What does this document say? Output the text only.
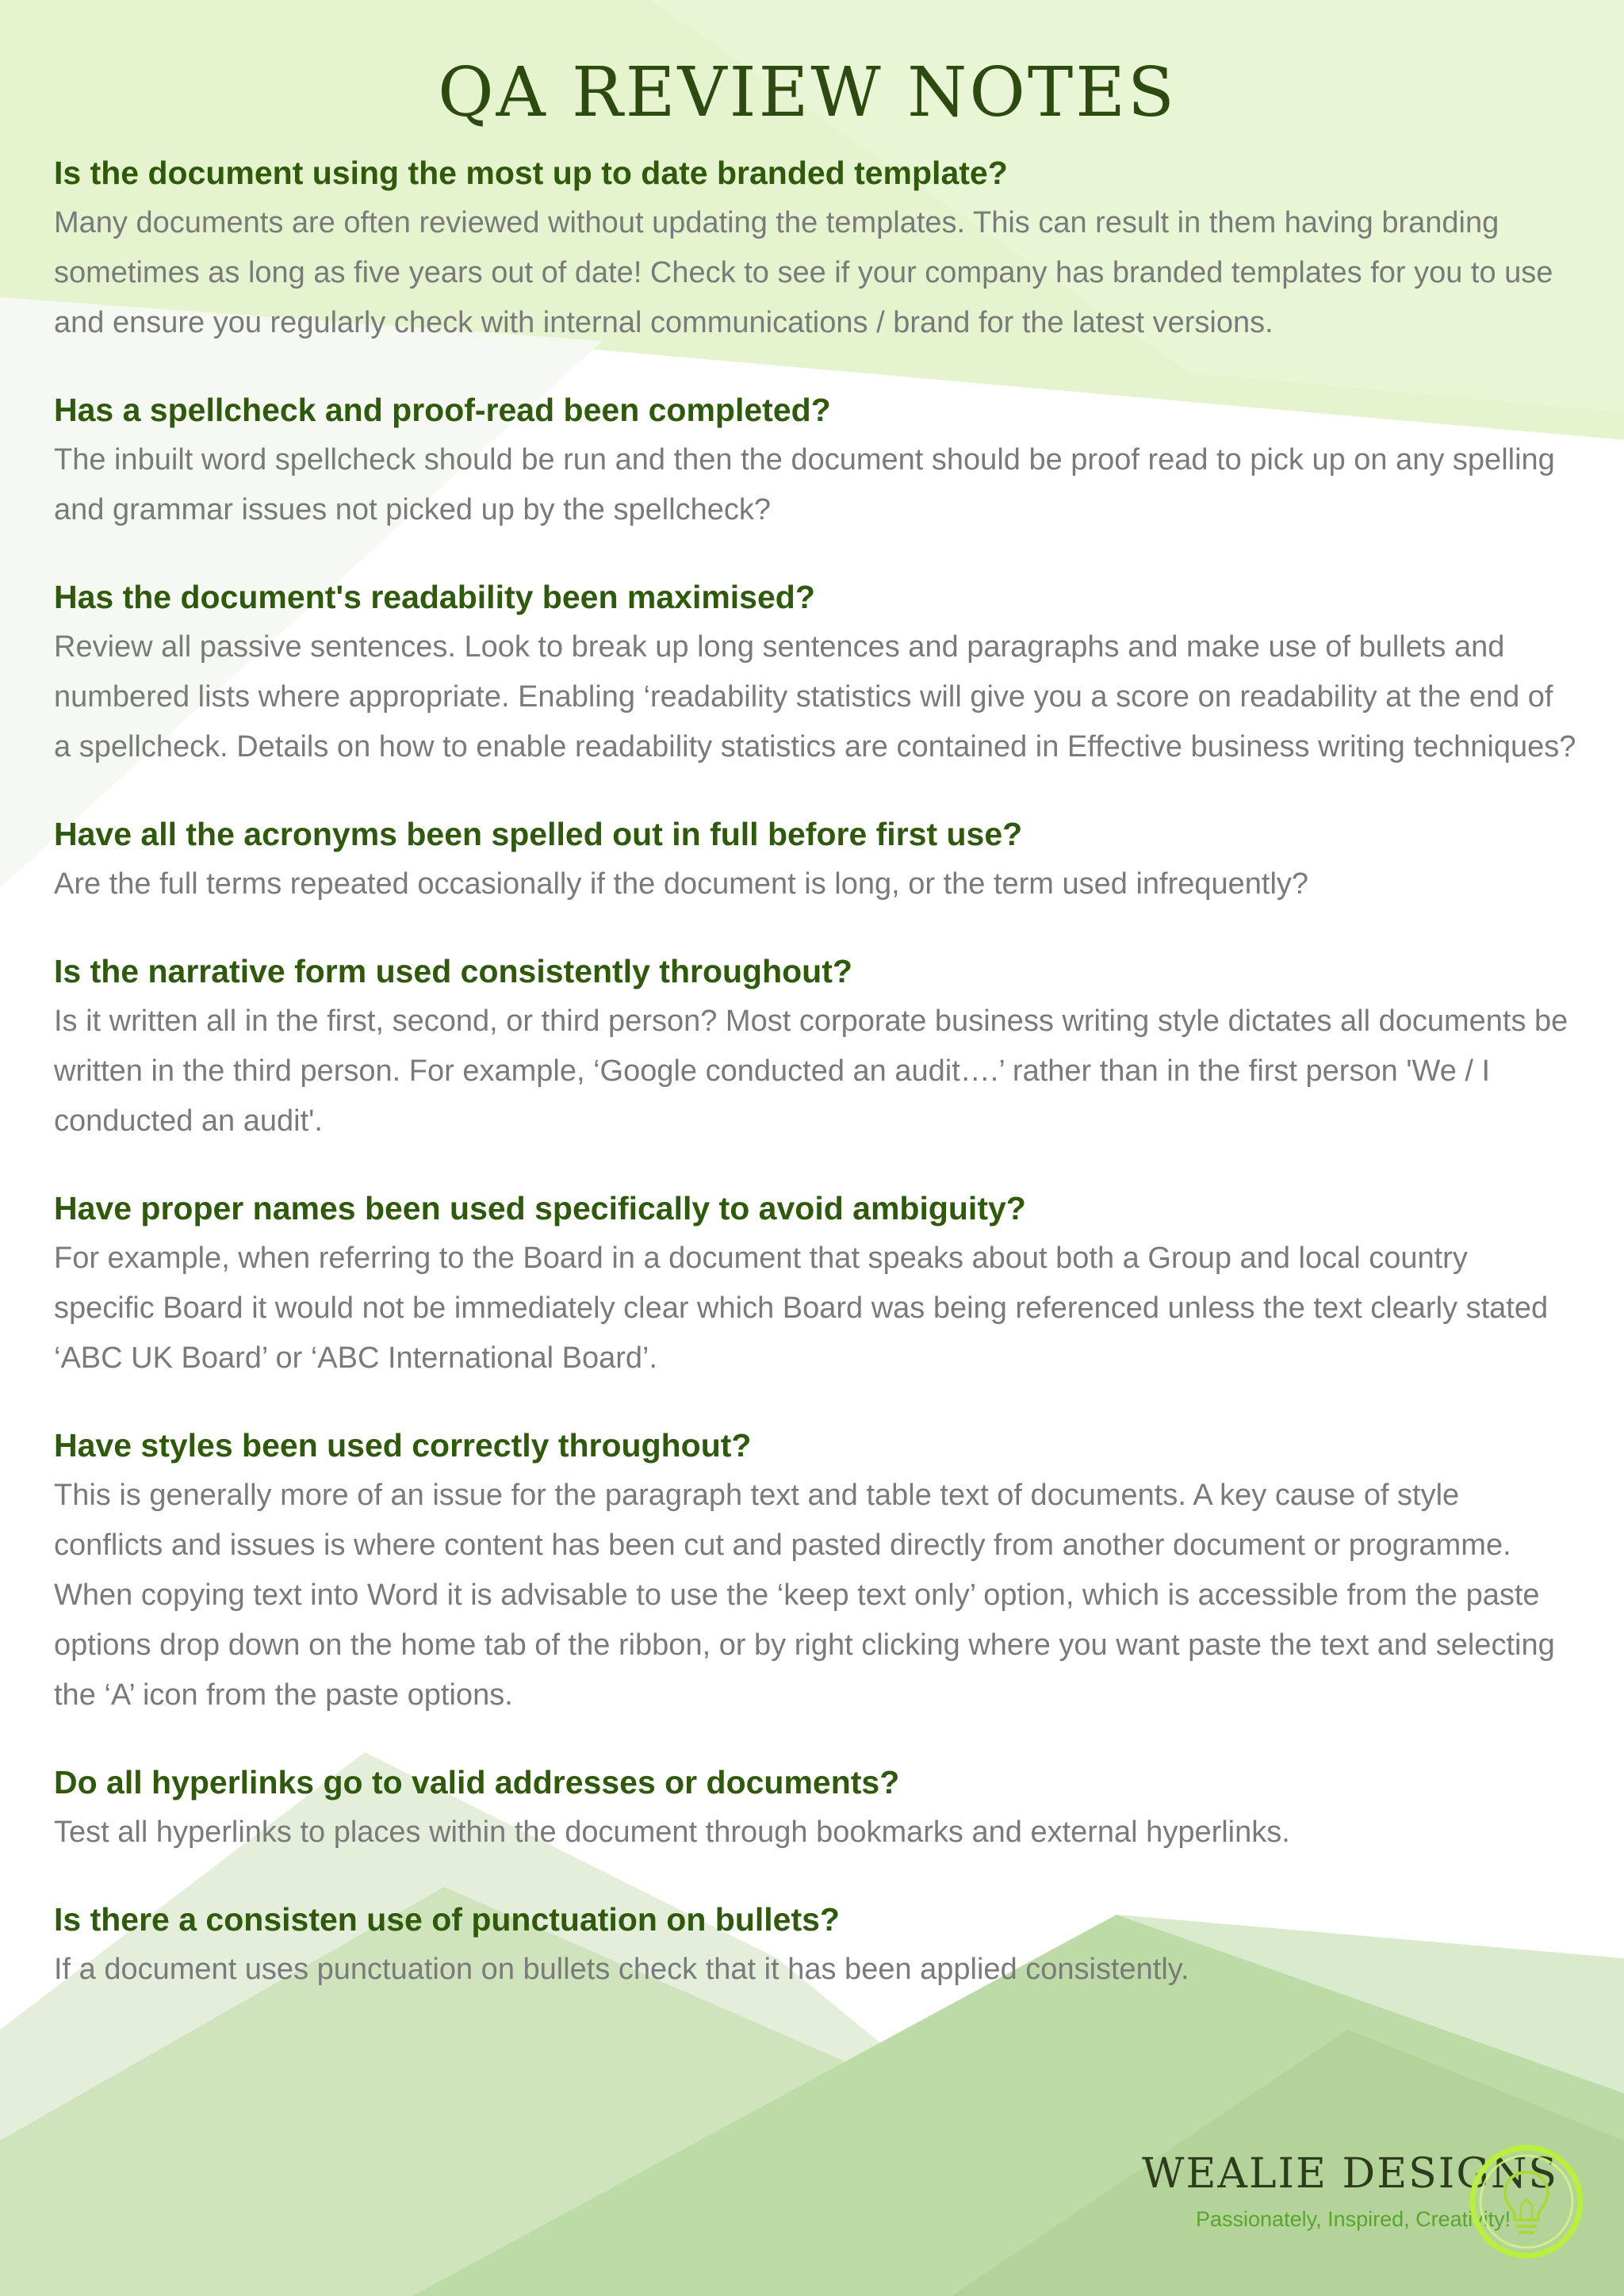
QA REVIEW NOTES
Is the document using the most up to date branded template?

Many documents are often reviewed without updating the templates. This can result in them having branding sometimes as long as five years out of date! Check to see if your company has branded templates for you to use and ensure you regularly check with internal communications / brand for the latest versions.

Has a spellcheck and proof-read been completed?

The inbuilt word spellcheck should be run and then the document should be proof read to pick up on any spelling and grammar issues not picked up by the spellcheck?

Has the document's readability been maximised?

Review all passive sentences. Look to break up long sentences and paragraphs and make use of bullets and numbered lists where appropriate. Enabling ‘readability statistics will give you a score on readability at the end of a spellcheck. Details on how to enable readability statistics are contained in Effective business writing techniques?

Have all the acronyms been spelled out in full before first use?

Are the full terms repeated occasionally if the document is long, or the term used infrequently?

Is the narrative form used consistently throughout?

Is it written all in the first, second, or third person? Most corporate business writing style dictates all documents be written in the third person. For example, ‘Google conducted an audit….’ rather than in the first person 'We / I conducted an audit'.

Have proper names been used specifically to avoid ambiguity?

For example, when referring to the Board in a document that speaks about both a Group and local country specific Board it would not be immediately clear which Board was being referenced unless the text clearly stated ‘ABC UK Board’ or ‘ABC International Board’.

Have styles been used correctly throughout?

This is generally more of an issue for the paragraph text and table text of documents. A key cause of style conflicts and issues is where content has been cut and pasted directly from another document or programme. When copying text into Word it is advisable to use the ‘keep text only’ option, which is accessible from the paste options drop down on the home tab of the ribbon, or by right clicking where you want paste the text and selecting the ‘A’ icon from the paste options.

Do all hyperlinks go to valid addresses or documents?

Test all hyperlinks to places within the document through bookmarks and external hyperlinks.

Is there a consisten use of punctuation on bullets?

If a document uses punctuation on bullets check that it has been applied consistently.

WEALIE DESIGNS
Passionately, Inspired, Creativity!
